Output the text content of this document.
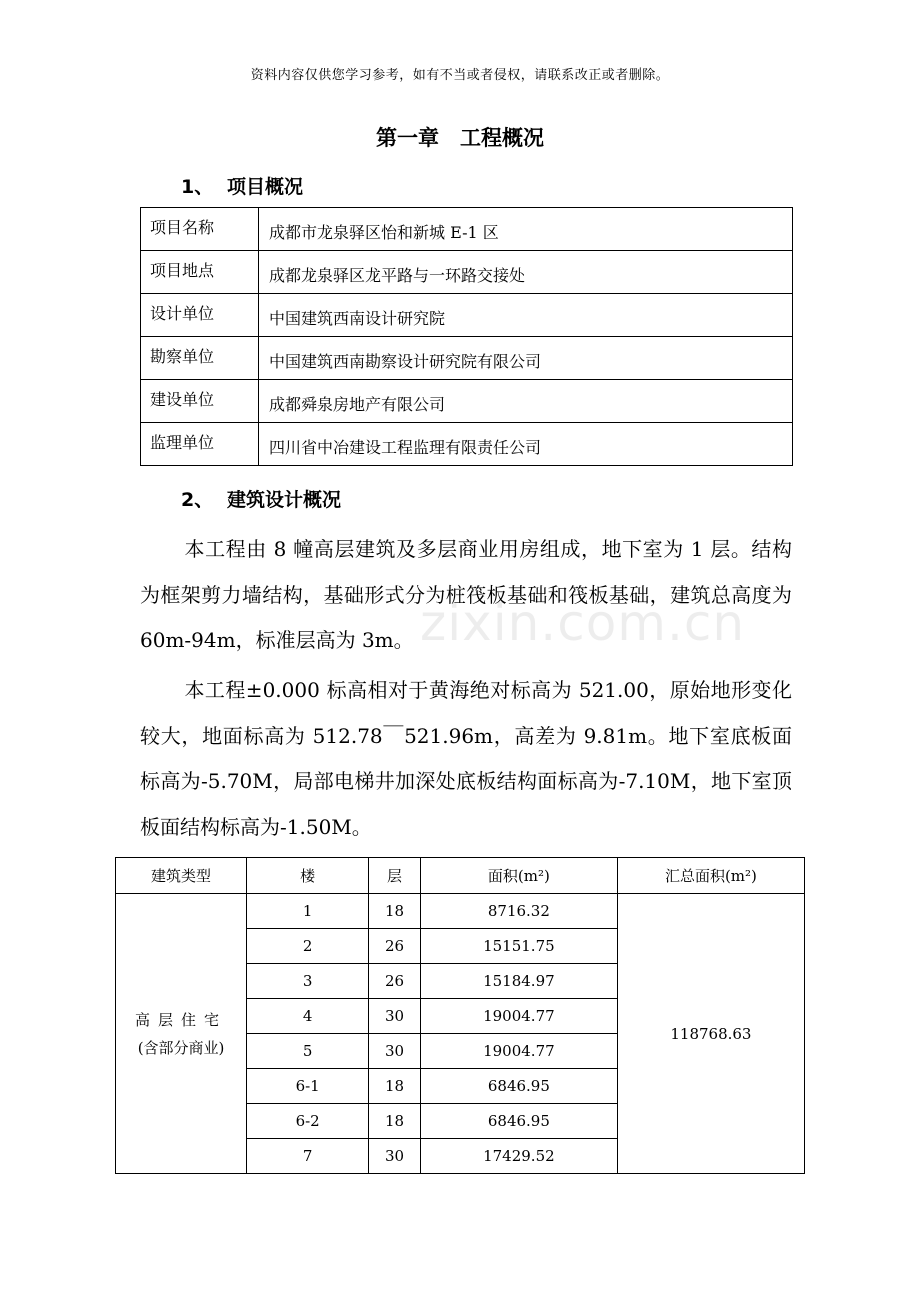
资料内容仅供您学习参考，如有不当或者侵权，请联系改正或者删除。
第一章　工程概况
1、 项目概况
项目名称	成都市龙泉驿区怡和新城 E-1 区
项目地点	成都龙泉驿区龙平路与一环路交接处
设计单位	中国建筑西南设计研究院
勘察单位	中国建筑西南勘察设计研究院有限公司
建设单位	成都舜泉房地产有限公司
监理单位	四川省中冶建设工程监理有限责任公司
2、 建筑设计概况
zixin.com.cn
本工程由 8 幢高层建筑及多层商业用房组成，地下室为 1 层。结构为框架剪力墙结构，基础形式分为桩筏板基础和筏板基础，建筑总高度为 60m-94m，标准层高为 3m。
本工程±0.000 标高相对于黄海绝对标高为 521.00，原始地形变化较大，地面标高为 512.78￣521.96m，高差为 9.81m。地下室底板面标高为-5.70M，局部电梯井加深处底板结构面标高为-7.10M，地下室顶板面结构标高为-1.50M。
建筑类型	楼	层	面积(m²)	汇总面积(m²)

高层住宅
(含部分商业)	1	18	8716.32	118768.63
	2	26	15151.75	
	3	26	15184.97	
	4	30	19004.77	
	5	30	19004.77	
	6-1	18	6846.95	
	6-2	18	6846.95	
	7	30	17429.52	
